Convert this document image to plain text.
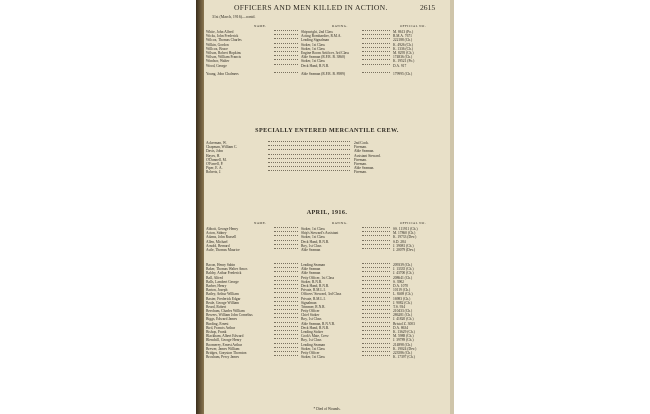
OFFICERS AND MEN KILLED IN ACTION.	2615
31st (March, 1916)—contd.
NAME.	RATING.	OFFICIAL NO.
White, John Alfred	Shipwright, 2nd Class	M. 8613 (Po.)
Wicks, John Frederick	Acting Bombardier, R.M.A.	R.M.A. 7671
Wilcox, Thomas Charles	Leading Signalman	222188 (Ch.)
Wilkin, Gordon	Stoker, 1st Class	K. 4926 (Ch.)
Willcox, Bruce	Stoker, 1st Class	K. 1336 (Ch.)
Wilson, Robert Hopkins	Engine Room Artificer, 3rd Class	M. 8295 (Ch.)
Wilson, William Francis	Able Seaman (R.F.R. B. 3860)	174836 (Ch.)
Windsor, Walter	Stoker, 1st Class	K. 19521 (Po.)
Wood, George	Deck Hand, R.N.R.	D.A. 917
Young, John Chalmers	Able Seaman (R.F.R. B. 8989)	179995 (Ch.)
SPECIALLY ENTERED MERCANTILE CREW.
Ackerman, W.	2nd Cook.
Chapman, William C.	Fireman.
Davis, John	Able Seaman.
Hayes, H.	Assistant Steward.
O'Donnell, M.	Fireman.
O'Farrell, P.	Fireman.
Piper, E. A.	Able Seaman.
Roberts, J.	Fireman.
APRIL, 1916.
NAME.	RATING.	OFFICIAL NO.
Abbott, George Henry	Stoker, 1st Class	SS. 111911 (Ch.)
Acton, Sidney	Ship's Steward's Assistant	M. 17860 (Ch.)
Adams, John Russell	Stoker, 1st Class	K. 19733 (Dev.)
Allen, Michael	Deck Hand, R.N.R.	S.D. 284
Arnold, Bernard	Boy, 1st Class	J. 39081 (Ch.)
Astle, Thomas Maurice	Able Seaman	J. 20079 (Dev.)
Bacon, Henry Sabin	Leading Seaman	209339 (Ch.)
Baker, Thomas Walter Amos	Able Seaman	J. 13335 (Ch.)
Baldry, Arthur Frederick	Able Seaman	J. 43700 (Ch.)
Ball, Alfred	Petty Officer, 1st Class	208641 (Ch.)
Balls, Lambert George	Stoker, R.N.R.	S. 3902
Barber, Henry	Deck Hand, R.N.R.	D.A. 1070
Barton, Joseph	Private, R.M.L.I.	10119 (Ch.)
Batley, Arthur William	Officers' Steward, 3rd Class	L. 8469 (Ch.)
Baxter, Frederick Edgar	Private, R.M.L.I.	16983 (Ch.)
Beale, George William	Signalman	J. 9082 (Ch.)
Beard, Robert	Trimmer, R.N.R.	T.S. 934
Beecham, Charles William	Petty Officer	210433 (Ch.)
Bewers, William John Cornelius	Chief Stoker	286281 (Ch.)
Biggs, Edward James	Boy, 1st Class	J. 41820 (Ch.)
Binding, Ernest	Able Seaman, R.N.V.R.	Bristol Z. 3003
Bird, Francis Arthur	Deck Hand, R.N.R.	D.A. 8634
Bishop, Frank	Leading Stoker	K. 13629 (Ch.)
Blackham, Albert Edward	Cook's Mate, Crew	M. 5988 (Ch.)
Blenchill, George Henry	Boy, 1st Class	J. 39789 (Ch.)
Boomerey, Ernest Arthur	Leading Seaman	214898 (Ch.)
Brewer, James William	Stoker, 1st Class	K. 19024 (Dev.)
Bridges, Grayston Thornton	Petty Officer	223586 (Ch.)
Broxham, Percy James	Stoker, 1st Class	K. 17397 (Ch.)
* Died of Wounds.
